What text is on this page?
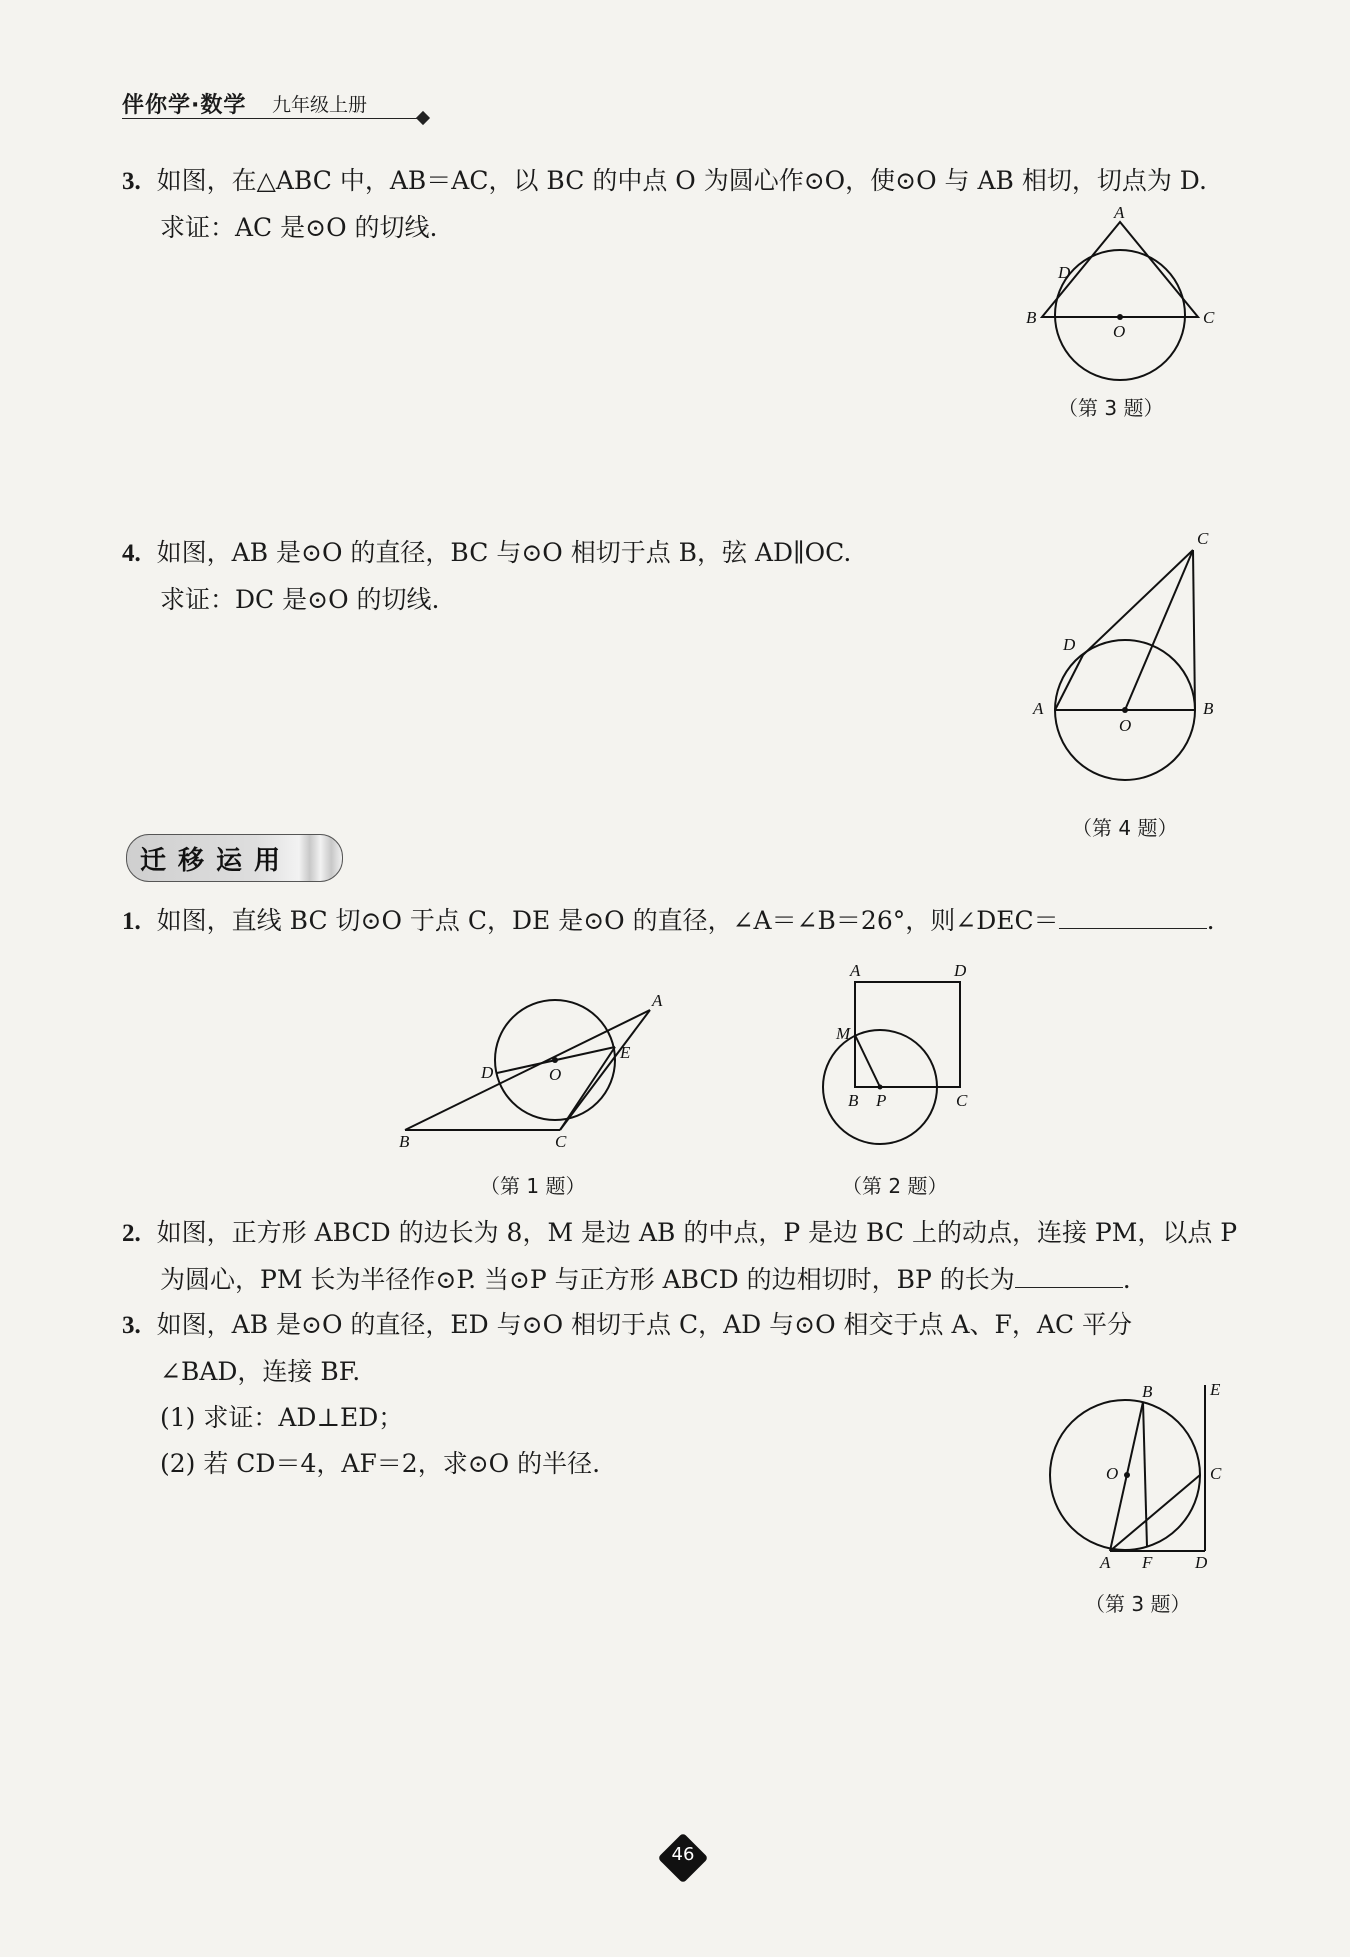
伴你学·数学 九年级上册
3. 如图，在△ABC 中，AB＝AC，以 BC 的中点 O 为圆心作⊙O，使⊙O 与 AB 相切，切点为 D.
求证：AC 是⊙O 的切线.
A
D
B
O
C
（第 3 题）
4. 如图，AB 是⊙O 的直径，BC 与⊙O 相切于点 B，弦 AD∥OC.
求证：DC 是⊙O 的切线.
C
D
A
O
B
（第 4 题）
迁移运用
1. 如图，直线 BC 切⊙O 于点 C，DE 是⊙O 的直径，∠A＝∠B＝26°，则∠DEC＝	.
A
D	O
E
B	C
（第 1 题）
A	D
M
B P	C
（第 2 题）
2. 如图，正方形 ABCD 的边长为 8，M 是边 AB 的中点，P 是边 BC 上的动点，连接 PM，以点 P
为圆心，PM 长为半径作⊙P. 当⊙P 与正方形 ABCD 的边相切时，BP 的长为	.
3. 如图，AB 是⊙O 的直径，ED 与⊙O 相切于点 C，AD 与⊙O 相交于点 A、F，AC 平分
∠BAD，连接 BF.
(1) 求证：AD⊥ED；
(2) 若 CD＝4，AF＝2，求⊙O 的半径.
B	E
O	C
A F	D
（第 3 题）
46
